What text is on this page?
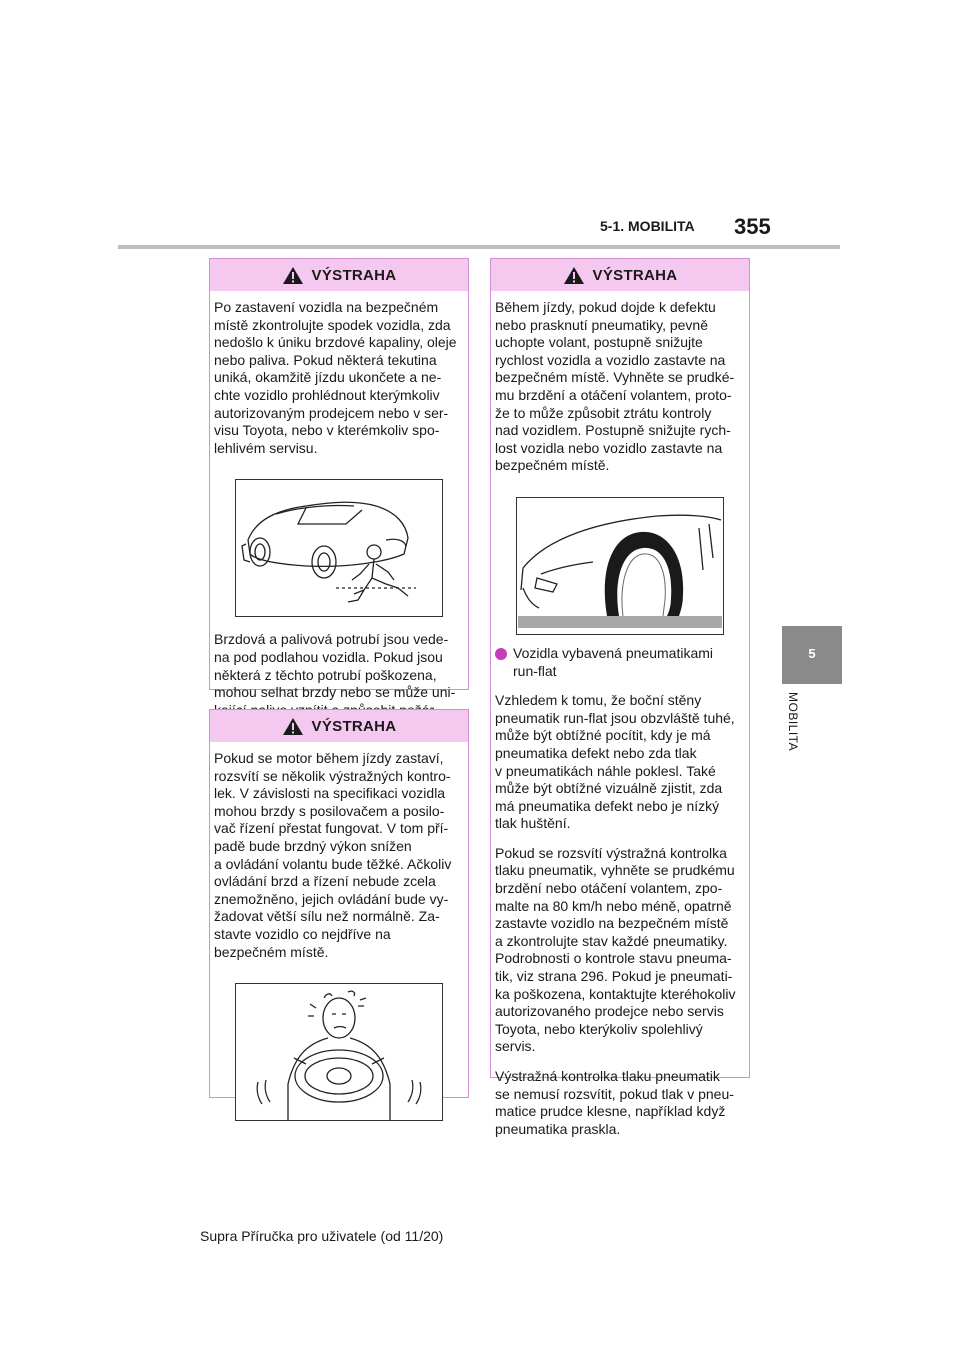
5-1. MOBILITA 355
5
MOBILITA
VÝSTRAHA

Po zastavení vozidla na bezpečném
místě zkontrolujte spodek vozidla, zda
nedošlo k úniku brzdové kapaliny, oleje
nebo paliva. Pokud některá tekutina
uniká, okamžitě jízdu ukončete a ne-
chte vozidlo prohlédnout kterýmkoliv
autorizovaným prodejcem nebo v ser-
visu Toyota, nebo v kterémkoliv spo-
lehlivém servisu.

Brzdová a palivová potrubí jsou vede-
na pod podlahou vozidla. Pokud jsou
některá z těchto potrubí poškozena,
mohou selhat brzdy nebo se může uni-

VÝSTRAHA

Pokud se motor během jízdy zastaví,
rozsvítí se několik výstražných kontro-
lek. V závislosti na specifikaci vozidla
mohou brzdy s posilovačem a posilo-
vač řízení přestat fungovat. V tom pří-
padě bude brzdný výkon snížen
a ovládání volantu bude těžké. Ačkoliv
ovládání brzd a řízení nebude zcela
znemožněno, jejich ovládání bude vy-
žadovat větší sílu než normálně. Za-
stavte vozidlo co nejdříve na
bezpečném místě.

VÝSTRAHA

Během jízdy, pokud dojde k defektu
nebo prasknutí pneumatiky, pevně
uchopte volant, postupně snižujte
rychlost vozidla a vozidlo zastavte na
bezpečném místě. Vyhněte se prudké-
mu brzdění a otáčení volantem, proto-
že to může způsobit ztrátu kontroly
nad vozidlem. Postupně snižujte rych-
lost vozidla nebo vozidlo zastavte na
bezpečném místě.

Vozidla vybavená pneumatikami
run-flat

Vzhledem k tomu, že boční stěny
pneumatik run-flat jsou obzvláště tuhé,
může být obtížné pocítit, kdy je má
pneumatika defekt nebo zda tlak
v pneumatikách náhle poklesl. Také
může být obtížné vizuálně zjistit, zda
má pneumatika defekt nebo je nízký
tlak huštění.

Pokud se rozsvítí výstražná kontrolka
tlaku pneumatik, vyhněte se prudkému
brzdění nebo otáčení volantem, zpo-
malte na 80 km/h nebo méně, opatrně
zastavte vozidlo na bezpečném místě
a zkontrolujte stav každé pneumatiky.
Podrobnosti o kontrole stavu pneuma-
tik, viz strana 296. Pokud je pneumati-
ka poškozena, kontaktujte kteréhokoliv
autorizovaného prodejce nebo servis
Toyota, nebo kterýkoliv spolehlivý
servis.

Výstražná kontrolka tlaku pneumatik
se nemusí rozsvítit, pokud tlak v pneu-
matice prudce klesne, například když
pneumatika praskla.

Supra Příručka pro uživatele (od 11/20)
